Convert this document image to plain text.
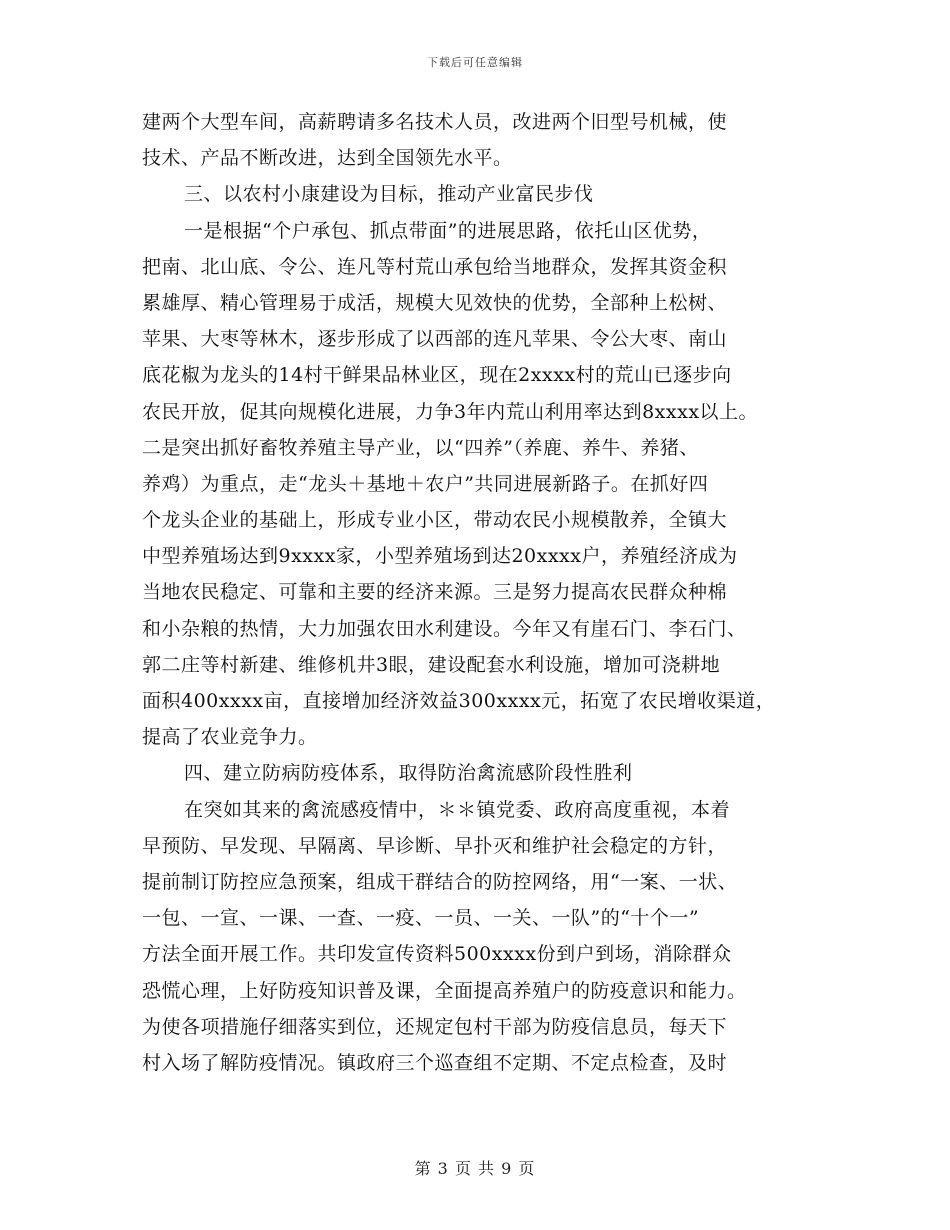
下载后可任意编辑
建两个大型车间，高薪聘请多名技术人员，改进两个旧型号机械，使
技术、产品不断改进，达到全国领先水平。
三、以农村小康建设为目标，推动产业富民步伐
一是根据“个户承包、抓点带面”的进展思路，依托山区优势，
把南、北山底、令公、连凡等村荒山承包给当地群众，发挥其资金积
累雄厚、精心管理易于成活，规模大见效快的优势，全部种上松树、
苹果、大枣等林木，逐步形成了以西部的连凡苹果、令公大枣、南山
底花椒为龙头的14村干鲜果品林业区，现在2xxxx村的荒山已逐步向
农民开放，促其向规模化进展，力争3年内荒山利用率达到8xxxx以上。
二是突出抓好畜牧养殖主导产业，以“四养”（养鹿、养牛、养猪、
养鸡）为重点，走“龙头＋基地＋农户”共同进展新路子。在抓好四
个龙头企业的基础上，形成专业小区，带动农民小规模散养，全镇大
中型养殖场达到9xxxx家，小型养殖场到达20xxxx户，养殖经济成为
当地农民稳定、可靠和主要的经济来源。三是努力提高农民群众种棉
和小杂粮的热情，大力加强农田水利建设。今年又有崖石门、李石门、
郭二庄等村新建、维修机井3眼，建设配套水利设施，增加可浇耕地
面积400xxxx亩，直接增加经济效益300xxxx元，拓宽了农民增收渠道，
提高了农业竞争力。
四、建立防病防疫体系，取得防治禽流感阶段性胜利
在突如其来的禽流感疫情中，＊＊镇党委、政府高度重视，本着
早预防、早发现、早隔离、早诊断、早扑灭和维护社会稳定的方针，
提前制订防控应急预案，组成干群结合的防控网络，用“一案、一状、
一包、一宣、一课、一查、一疫、一员、一关、一队”的“十个一”
方法全面开展工作。共印发宣传资料500xxxx份到户到场，消除群众
恐慌心理，上好防疫知识普及课，全面提高养殖户的防疫意识和能力。
为使各项措施仔细落实到位，还规定包村干部为防疫信息员，每天下
村入场了解防疫情况。镇政府三个巡查组不定期、不定点检查，及时
第 3 页 共 9 页
